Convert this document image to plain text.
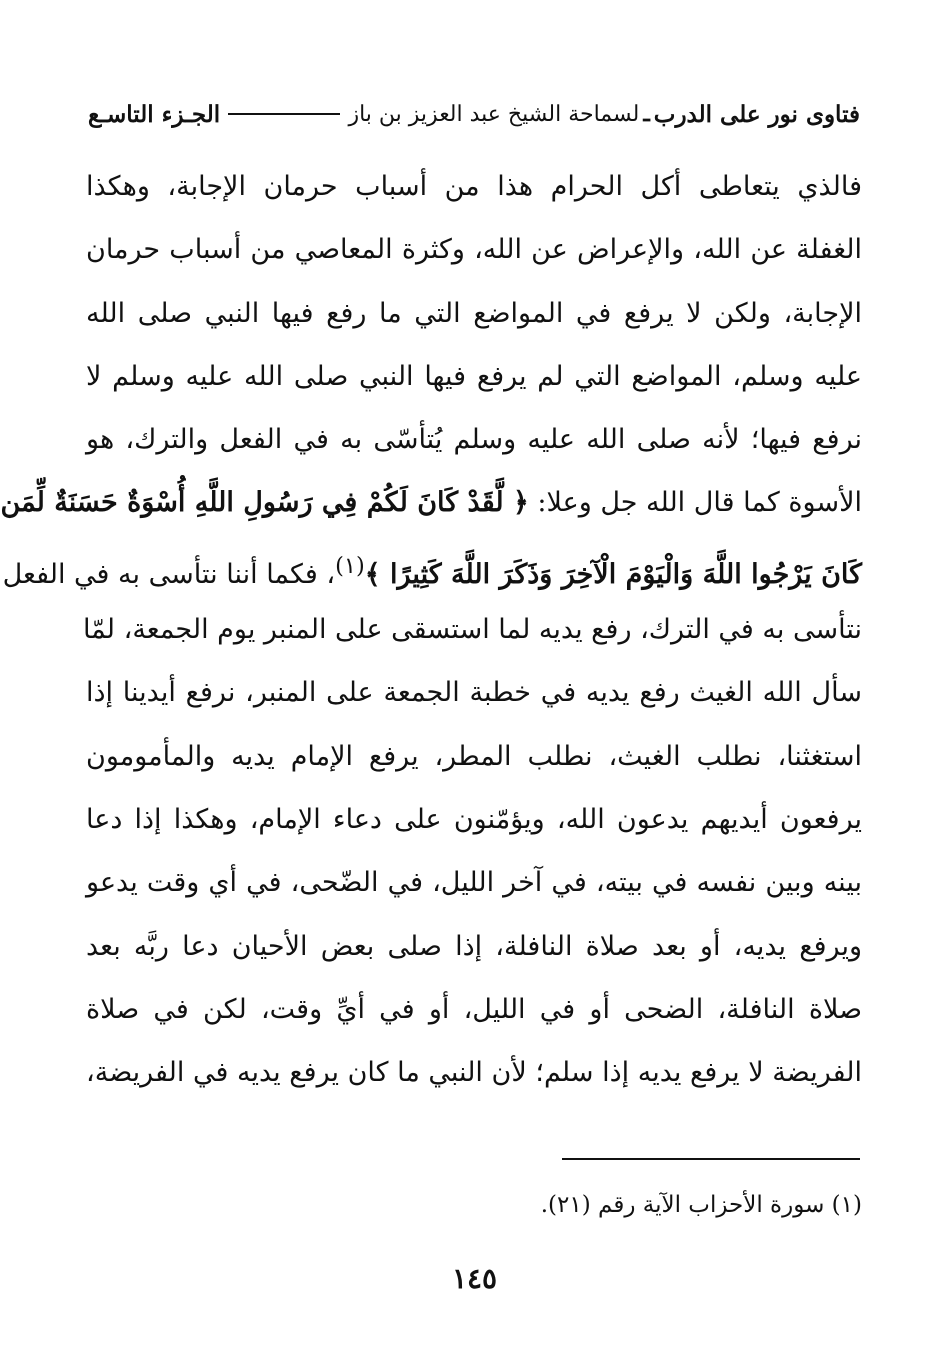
فتاوى نور على الدرب
ـ
لسماحة الشيخ عبد العزيز بن باز
الجـزء التاسـع
فالذي يتعاطى أكل الحرام هذا من أسباب حرمان الإجابة، وهكذا
الغفلة عن الله، والإعراض عن الله، وكثرة المعاصي من أسباب حرمان
الإجابة، ولكن لا يرفع في المواضع التي ما رفع فيها النبي صلى الله
عليه وسلم، المواضع التي لم يرفع فيها النبي صلى الله عليه وسلم لا
نرفع فيها؛ لأنه صلى الله عليه وسلم يُتأسّى به في الفعل والترك، هو
الأسوة كما قال الله جل وعلا: ﴿ لَّقَدْ كَانَ لَكُمْ فِي رَسُولِ اللَّهِ أُسْوَةٌ حَسَنَةٌ لِّمَن
كَانَ يَرْجُوا اللَّهَ وَالْيَوْمَ الْآخِرَ وَذَكَرَ اللَّهَ كَثِيرًا ﴾$^{(١)}$، فكما أننا نتأسى به في الفعل
نتأسى به في الترك، رفع يديه لما استسقى على المنبر يوم الجمعة، لمّا
سأل الله الغيث رفع يديه في خطبة الجمعة على المنبر، نرفع أيدينا إذا
استغثنا، نطلب الغيث، نطلب المطر، يرفع الإمام يديه والمأمومون
يرفعون أيديهم يدعون الله، ويؤمّنون على دعاء الإمام، وهكذا إذا دعا
بينه وبين نفسه في بيته، في آخر الليل، في الضّحى، في أي وقت يدعو
ويرفع يديه، أو بعد صلاة النافلة، إذا صلى بعض الأحيان دعا ربَّه بعد
صلاة النافلة، الضحى أو في الليل، أو في أيِّ وقت، لكن في صلاة
الفريضة لا يرفع يديه إذا سلم؛ لأن النبي ما كان يرفع يديه في الفريضة،
(١) سورة الأحزاب الآية رقم (٢١).
١٤٥
